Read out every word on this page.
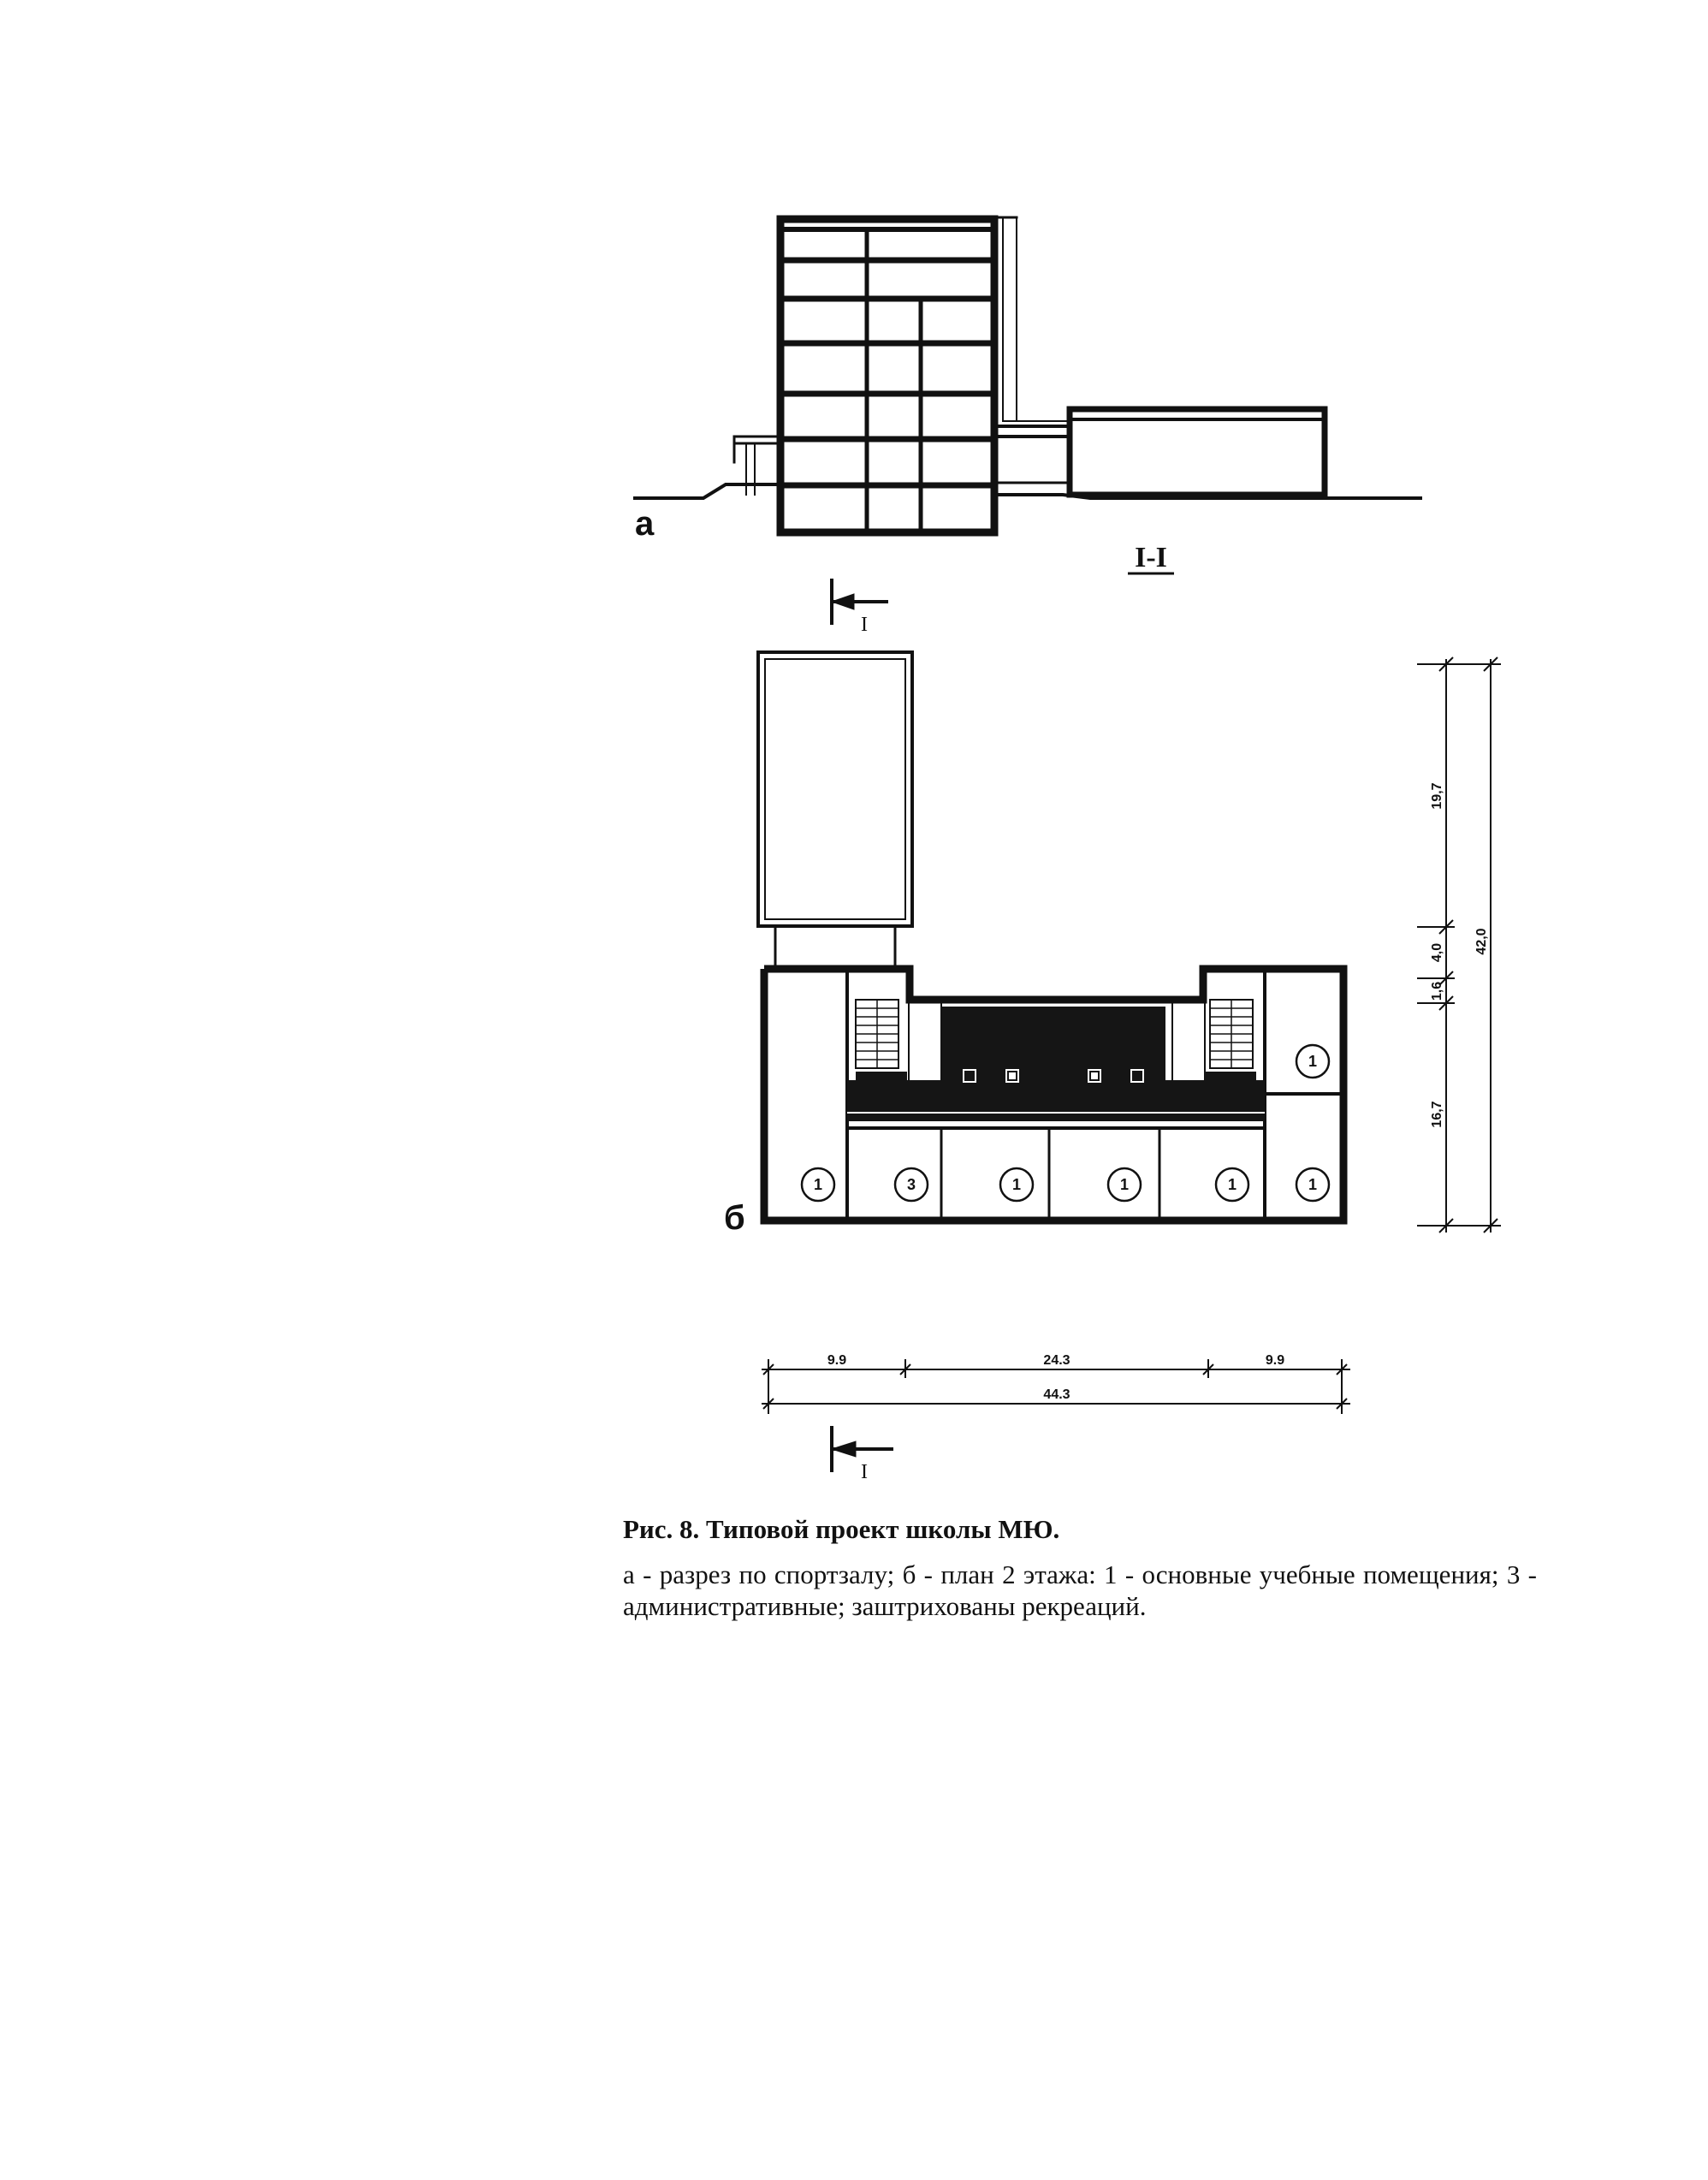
а
I-I
I
1
1	3	1	1	1	1
б
19,7
4,0
1,6
16,7
42,0
9.9	24.3	9.9
44.3
I

Рис. 8. Типовой проект школы МЮ.

а - разрез по спортзалу; б - план 2 этажа: 1 - основные учебные помещения; 3 - административные; заштрихованы рекреаций.
